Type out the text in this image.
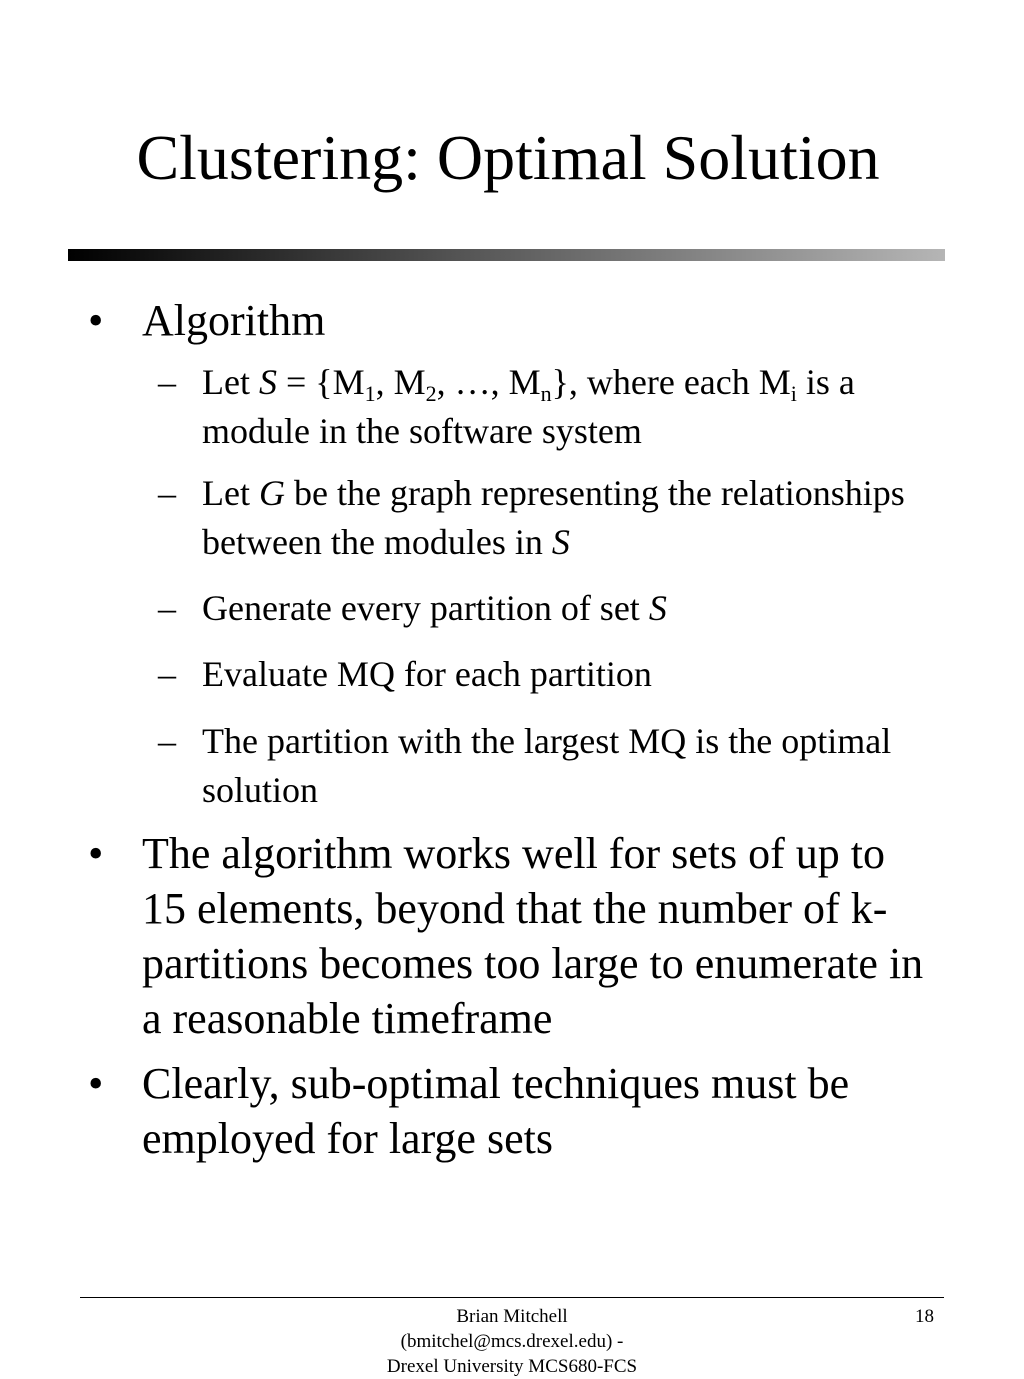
Clustering: Optimal Solution
• Algorithm
– Let $S = \{M_1$, $M_2$, …, $M_n$}, where each $M_i$ is a module in the software system
– Let G be the graph representing the relationships between the modules in S
– Generate every partition of set S
– Evaluate MQ for each partition
– The partition with the largest MQ is the optimal solution
• The algorithm works well for sets of up to 15 elements, beyond that the number of k-partitions becomes too large to enumerate in a reasonable timeframe
• Clearly, sub-optimal techniques must be employed for large sets
Brian Mitchell
(bmitchel@mcs.drexel.edu) -
Drexel University MCS680-FCS
18
